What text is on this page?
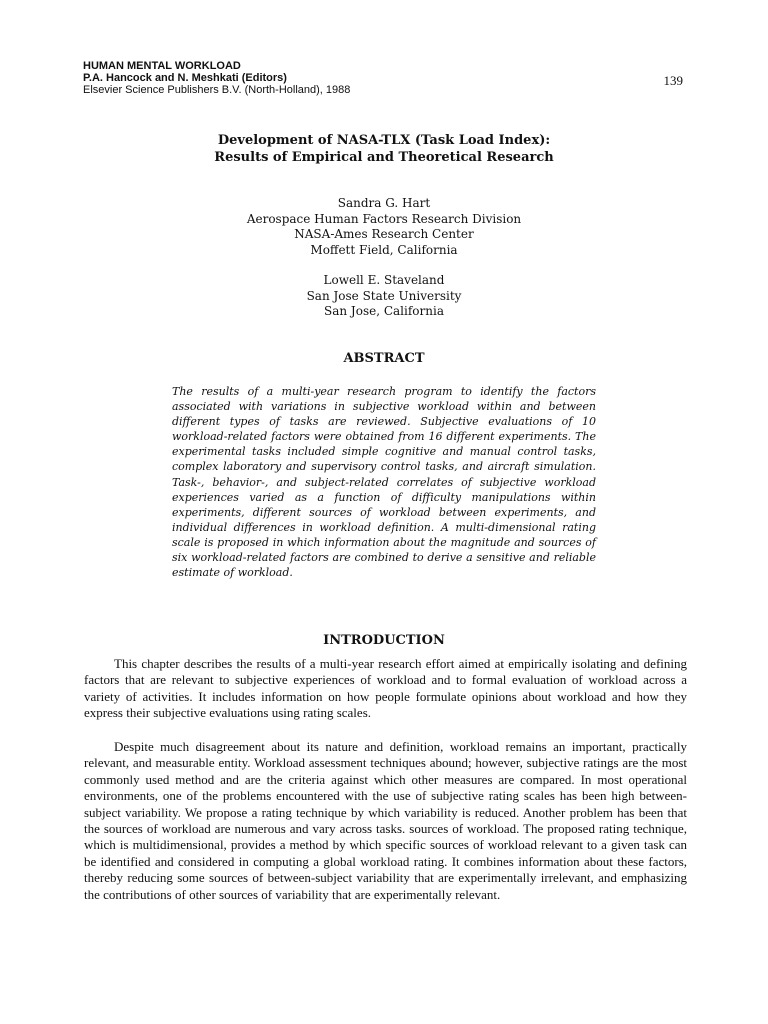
HUMAN MENTAL WORKLOAD
P.A. Hancock and N. Meshkati (Editors)
Elsevier Science Publishers B.V. (North-Holland), 1988
139
Development of NASA-TLX (Task Load Index):
Results of Empirical and Theoretical Research
Sandra G. Hart
Aerospace Human Factors Research Division
NASA-Ames Research Center
Moffett Field, California
Lowell E. Staveland
San Jose State University
San Jose, California
ABSTRACT
The results of a multi-year research program to identify the factors associated with variations in subjective workload within and between different types of tasks are reviewed. Subjective evaluations of 10 workload-related factors were obtained from 16 different experiments. The experimental tasks included simple cognitive and manual control tasks, complex laboratory and supervisory control tasks, and aircraft simulation. Task-, behavior-, and subject-related correlates of subjective workload experiences varied as a function of difficulty manipulations within experiments, different sources of workload between experiments, and individual differences in workload definition. A multi-dimensional rating scale is proposed in which information about the magnitude and sources of six workload-related factors are combined to derive a sensitive and reliable estimate of workload.
INTRODUCTION
This chapter describes the results of a multi-year research effort aimed at empirically isolating and defining factors that are relevant to subjective experiences of workload and to formal evaluation of workload across a variety of activities. It includes information on how people formulate opinions about workload and how they express their subjective evaluations using rating scales.
Despite much disagreement about its nature and definition, workload remains an important, practically relevant, and measurable entity. Workload assessment techniques abound; however, subjective ratings are the most commonly used method and are the criteria against which other measures are compared. In most operational environments, one of the problems encountered with the use of subjective rating scales has been high between-subject variability. We propose a rating technique by which variability is reduced. Another problem has been that the sources of workload are numerous and vary across tasks. sources of workload. The proposed rating technique, which is multidimensional, provides a method by which specific sources of workload relevant to a given task can be identified and considered in computing a global workload rating. It combines information about these factors, thereby reducing some sources of between-subject variability that are experimentally irrelevant, and emphasizing the contributions of other sources of variability that are experimentally relevant.
